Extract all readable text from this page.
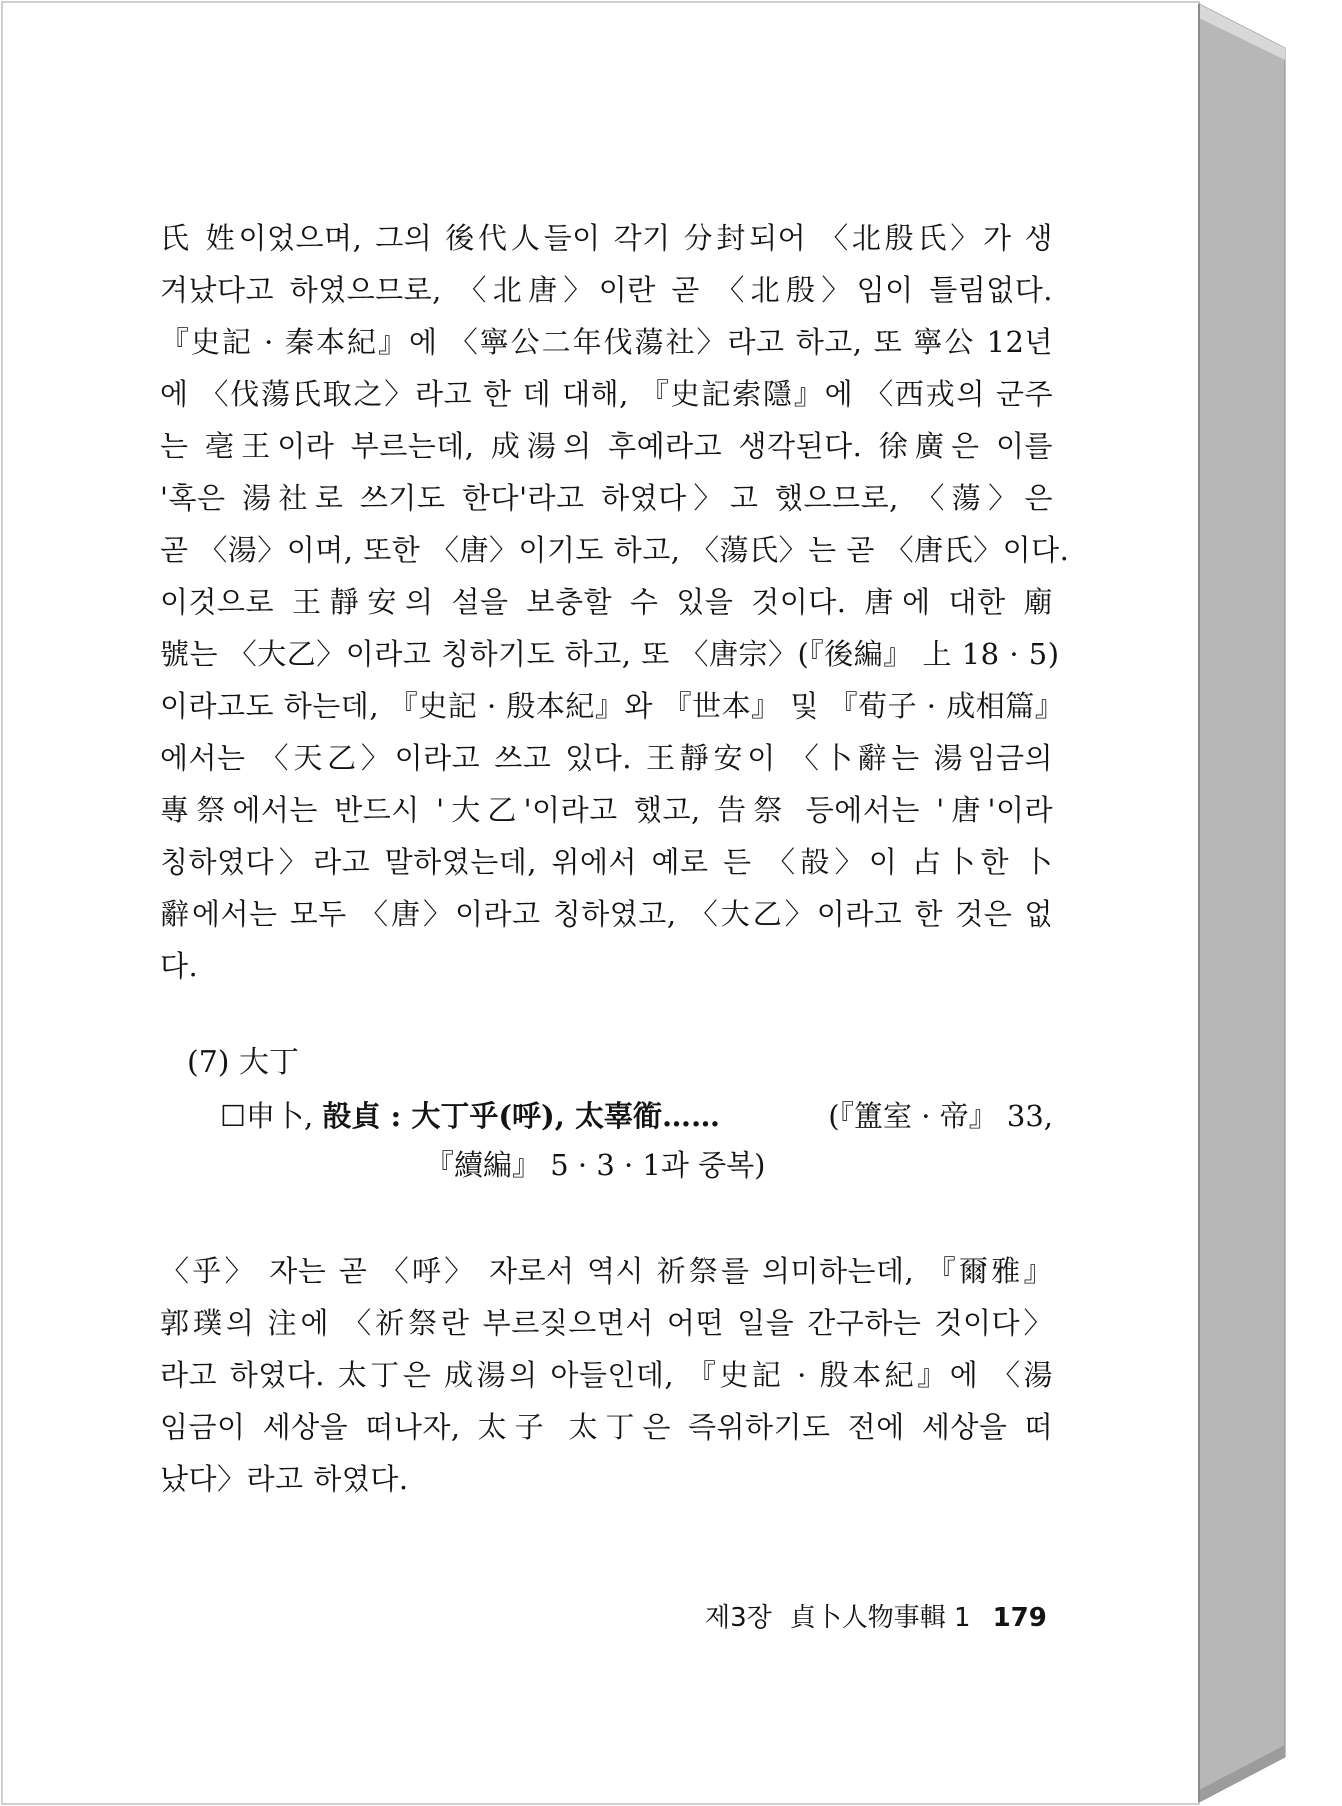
氏 姓이었으며, 그의 後代人들이 각기 分封되어 〈北殷氏〉가 생
겨났다고 하였으므로, 〈北唐〉이란 곧 〈北殷〉임이 틀림없다.
『史記 · 秦本紀』에 〈寧公二年伐蕩社〉라고 하고, 또 寧公 12년
에 〈伐蕩氏取之〉라고 한 데 대해, 『史記索隱』에 〈西戎의 군주
는 亳王이라 부르는데, 成湯의 후예라고 생각된다. 徐廣은 이를
'혹은 湯社로 쓰기도 한다'라고 하였다〉고 했으므로, 〈蕩〉은
곧 〈湯〉이며, 또한 〈唐〉이기도 하고, 〈蕩氏〉는 곧 〈唐氏〉이다.
이것으로 王靜安의 설을 보충할 수 있을 것이다. 唐에 대한 廟
號는 〈大乙〉이라고 칭하기도 하고, 또 〈唐宗〉(『後編』 上 18 · 5)
이라고도 하는데, 『史記 · 殷本紀』와 『世本』 및 『荀子 · 成相篇』
에서는 〈天乙〉이라고 쓰고 있다. 王靜安이 〈卜辭는 湯임금의
專祭에서는 반드시 '大乙'이라고 했고, 告祭 등에서는 '唐'이라
칭하였다〉라고 말하였는데, 위에서 예로 든 〈㱿〉이 占卜한 卜
辭에서는 모두 〈唐〉이라고 칭하였고, 〈大乙〉이라고 한 것은 없
다.
(7) 大丁
☐申卜, 㱿貞 : 大丁乎(呼), 太辜衜……	(『簠室 · 帝』 33,
『續編』 5 · 3 · 1과 중복)
〈乎〉 자는 곧 〈呼〉 자로서 역시 祈祭를 의미하는데, 『爾雅』
郭璞의 注에 〈祈祭란 부르짖으면서 어떤 일을 간구하는 것이다〉
라고 하였다. 太丁은 成湯의 아들인데, 『史記 · 殷本紀』에 〈湯
임금이 세상을 떠나자, 太子 太丁은 즉위하기도 전에 세상을 떠
났다〉라고 하였다.
제3장 貞卜人物事輯 1 179
